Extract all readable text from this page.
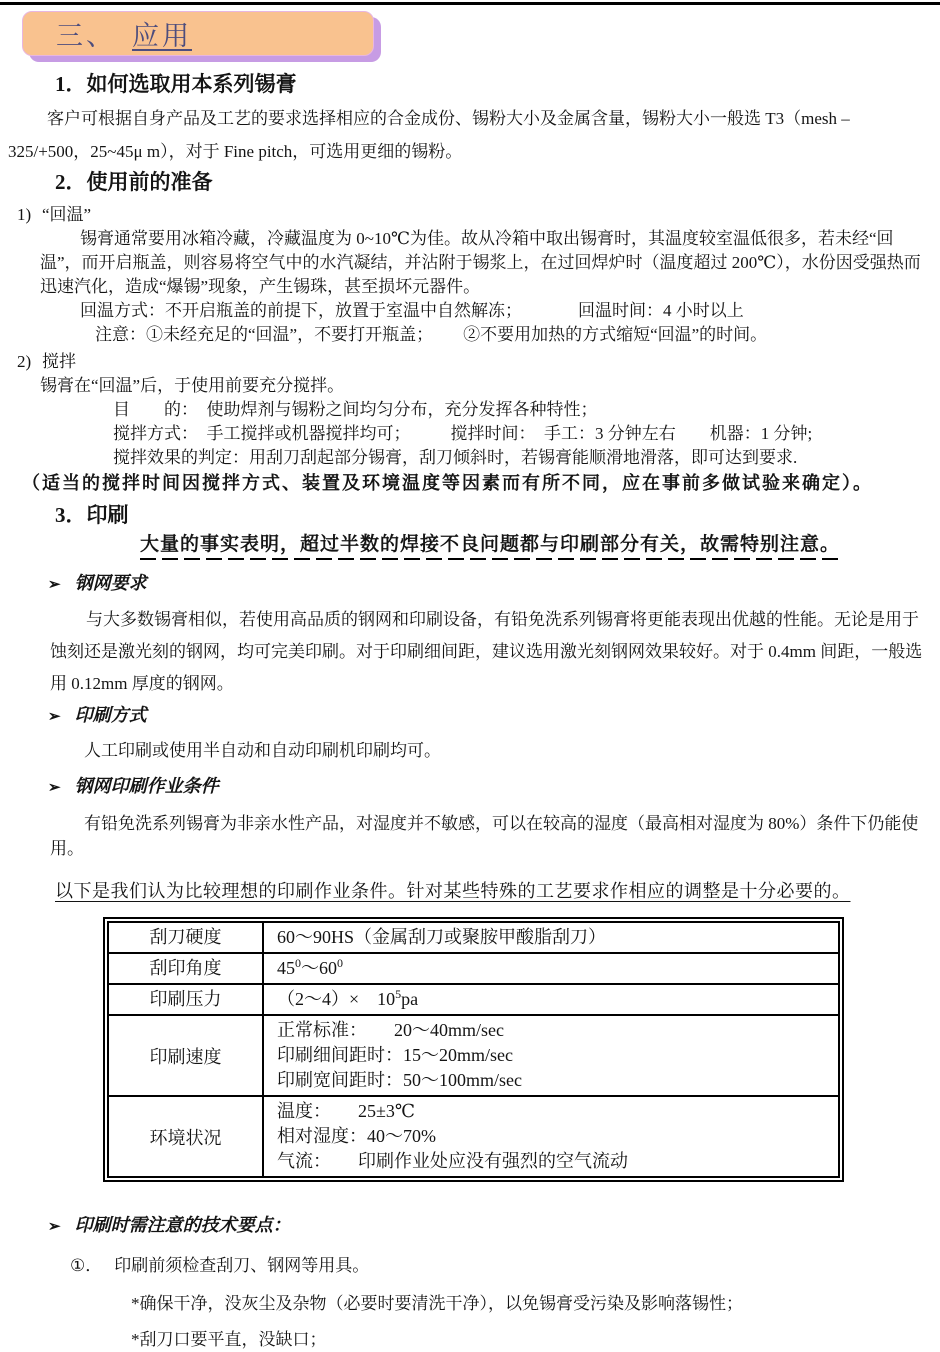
三、 应用
1．如何选取用本系列锡膏

客户可根据自身产品及工艺的要求选择相应的合金成份、锡粉大小及金属含量，锡粉大小一般选 T3（mesh –325/+500，25~45μ m），对于 Fine pitch，可选用更细的锡粉。

2．使用前的准备
1) “回温”
锡膏通常要用冰箱冷藏，冷藏温度为 0~10℃为佳。故从冷箱中取出锡膏时，其温度较室温低很多，若未经“回温”，而开启瓶盖，则容易将空气中的水汽凝结，并沾附于锡浆上，在过回焊炉时（温度超过 200℃），水份因受强热而迅速汽化，造成“爆锡”现象，产生锡珠，甚至损坏元器件。
回温方式：不开启瓶盖的前提下，放置于室温中自然解冻；	回温时间：4 小时以上
注意：①未经充足的“回温”，不要打开瓶盖； ②不要用加热的方式缩短“回温”的时间。
2) 搅拌
锡膏在“回温”后，于使用前要充分搅拌。
目　　的：　使助焊剂与锡粉之间均匀分布，充分发挥各种特性；
搅拌方式：　手工搅拌或机器搅拌均可； 搅拌时间：　手工：3 分钟左右 机器：1 分钟;
搅拌效果的判定：用刮刀刮起部分锡膏，刮刀倾斜时，若锡膏能顺滑地滑落，即可达到要求.
（适当的搅拌时间因搅拌方式、装置及环境温度等因素而有所不同，应在事前多做试验来确定）。
3．印刷
大量的事实表明，超过半数的焊接不良问题都与印刷部分有关，故需特别注意。
➢ 钢网要求
与大多数锡膏相似，若使用高品质的钢网和印刷设备，有铅免洗系列锡膏将更能表现出优越的性能。无论是用于蚀刻还是激光刻的钢网，均可完美印刷。对于印刷细间距，建议选用激光刻钢网效果较好。对于 0.4mm 间距，一般选用 0.12mm 厚度的钢网。
➢ 印刷方式
人工印刷或使用半自动和自动印刷机印刷均可。
➢ 钢网印刷作业条件
有铅免洗系列锡膏为非亲水性产品，对湿度并不敏感，可以在较高的湿度（最高相对湿度为 80%）条件下仍能使用。
以下是我们认为比较理想的印刷作业条件。针对某些特殊的工艺要求作相应的调整是十分必要的。
刮刀硬度	60～90HS（金属刮刀或聚胺甲酸脂刮刀）
刮印角度	$45^0\sim 60^0$
印刷压力	（2～4）×　$10^5pa$
印刷速度	正常标准：　　20～40mm/sec
印刷细间距时：15～20mm/sec
印刷宽间距时：50～100mm/sec

环境状况	温度：　　25±3℃
相对湿度：40～70%
气流：　　印刷作业处应没有强烈的空气流动
➢ 印刷时需注意的技术要点：
①． 印刷前须检查刮刀、钢网等用具。
*确保干净，没灰尘及杂物（必要时要清洗干净），以免锡膏受污染及影响落锡性；
*刮刀口要平直，没缺口；
